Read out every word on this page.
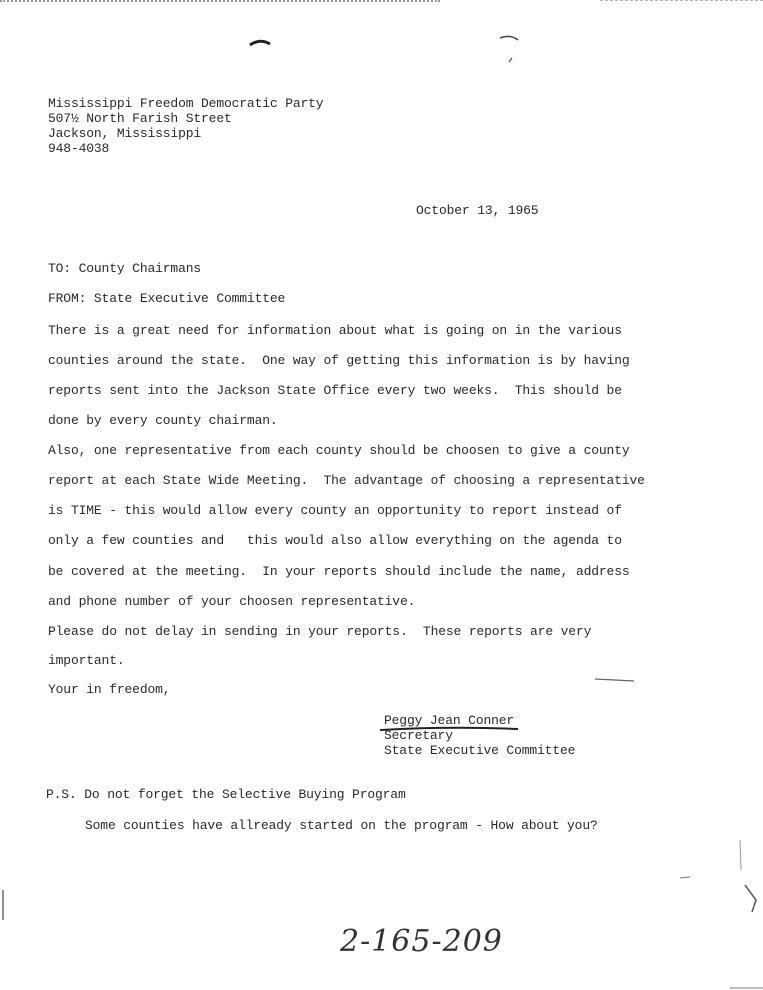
Mississippi Freedom Democratic Party
507½ North Farish Street
Jackson, Mississippi
948-4038
October 13, 1965
TO: County Chairmans
FROM: State Executive Committee
There is a great need for information about what is going on in the various
counties around the state.  One way of getting this information is by having
reports sent into the Jackson State Office every two weeks.  This should be
done by every county chairman.
Also, one representative from each county should be choosen to give a county
report at each State Wide Meeting.  The advantage of choosing a representative
is TIME - this would allow every county an opportunity to report instead of
only a few counties and   this would also allow everything on the agenda to
be covered at the meeting.  In your reports should include the name, address
and phone number of your choosen representative.
Please do not delay in sending in your reports.  These reports are very
important.
Your in freedom,
Peggy Jean Conner
Secretary
State Executive Committee
P.S. Do not forget the Selective Buying Program
Some counties have allready started on the program - How about you?
2-165-209
